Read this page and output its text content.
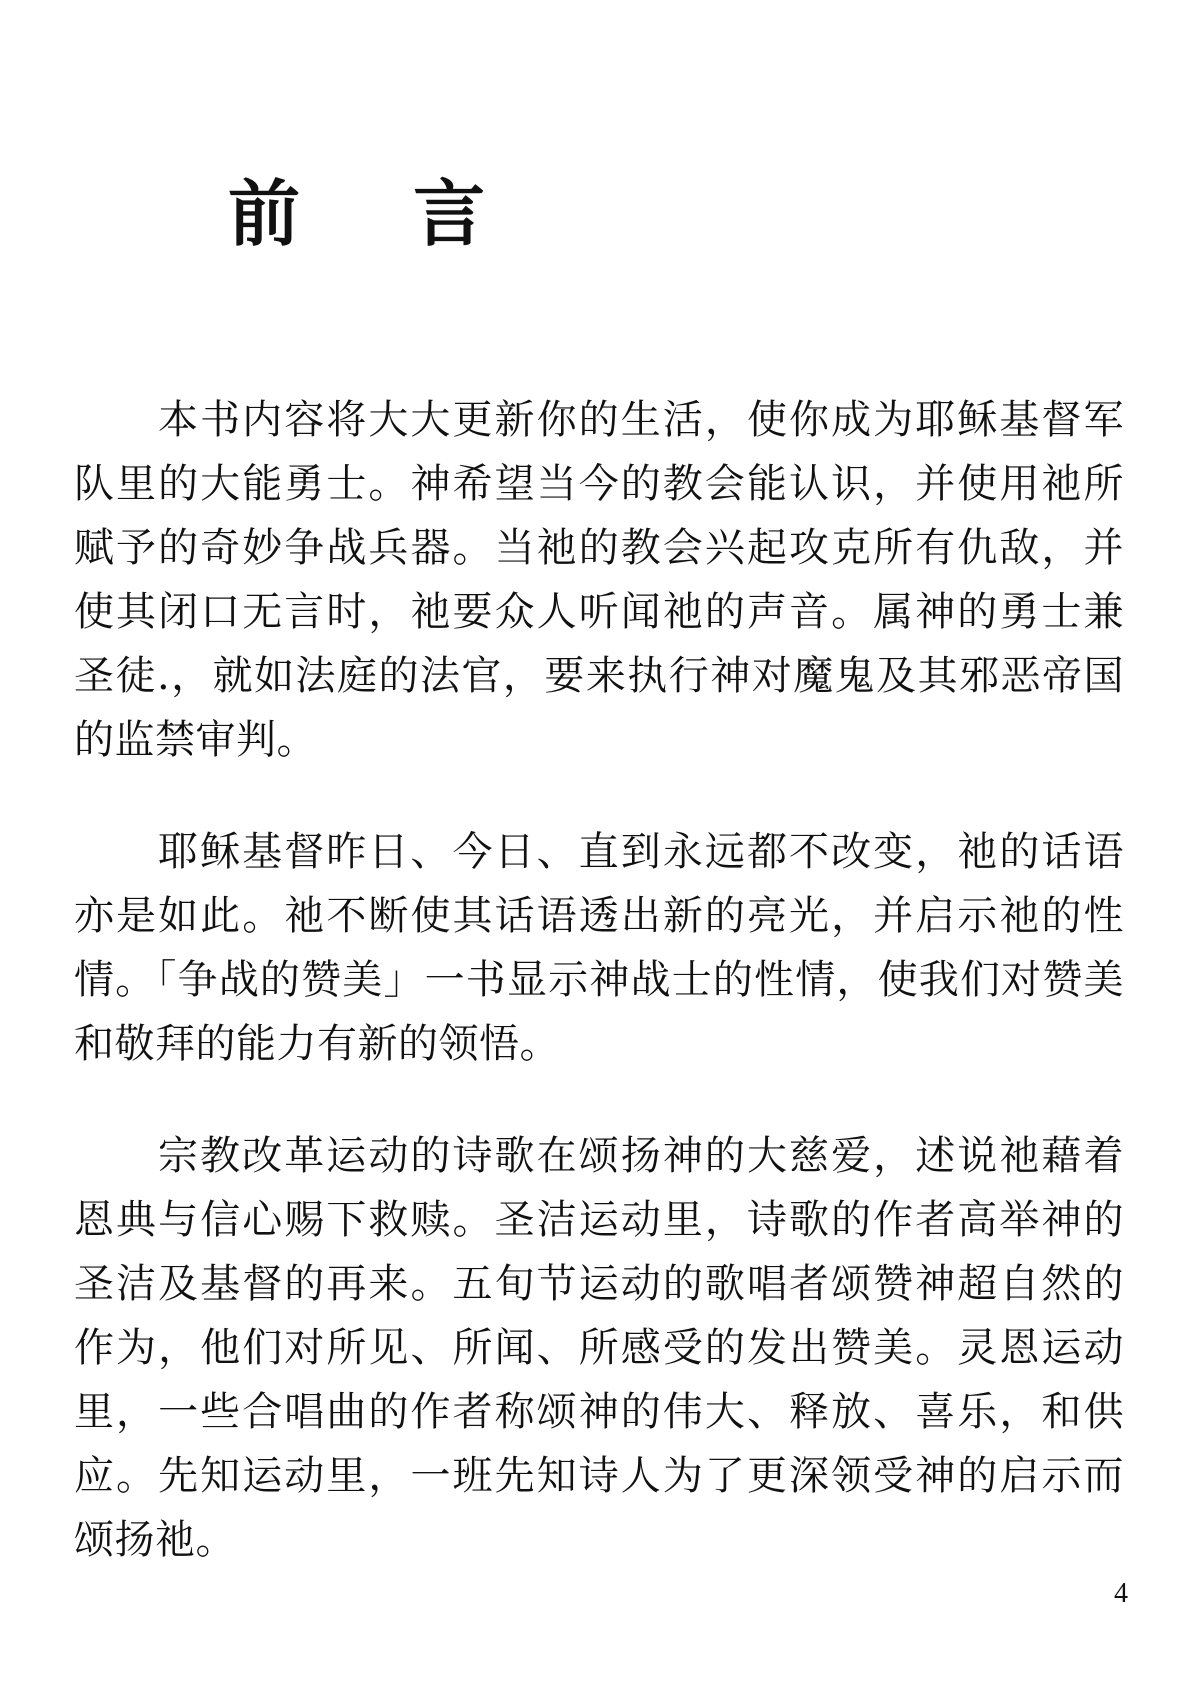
前 言

本书内容将大大更新你的生活，使你成为耶稣基督军队里的大能勇士。神希望当今的教会能认识，并使用祂所赋予的奇妙争战兵器。当祂的教会兴起攻克所有仇敌，并使其闭口无言时，祂要众人听闻祂的声音。属神的勇士兼圣徒.，就如法庭的法官，要来执行神对魔鬼及其邪恶帝国的监禁审判。

耶稣基督昨日、今日、直到永远都不改变，祂的话语亦是如此。祂不断使其话语透出新的亮光，并启示祂的性情。「争战的赞美」一书显示神战士的性情，使我们对赞美和敬拜的能力有新的领悟。

宗教改革运动的诗歌在颂扬神的大慈爱，述说祂藉着恩典与信心赐下救赎。圣洁运动里，诗歌的作者高举神的圣洁及基督的再来。五旬节运动的歌唱者颂赞神超自然的作为，他们对所见、所闻、所感受的发出赞美。灵恩运动里，一些合唱曲的作者称颂神的伟大、释放、喜乐，和供应。先知运动里，一班先知诗人为了更深领受神的启示而颂扬祂。

4
